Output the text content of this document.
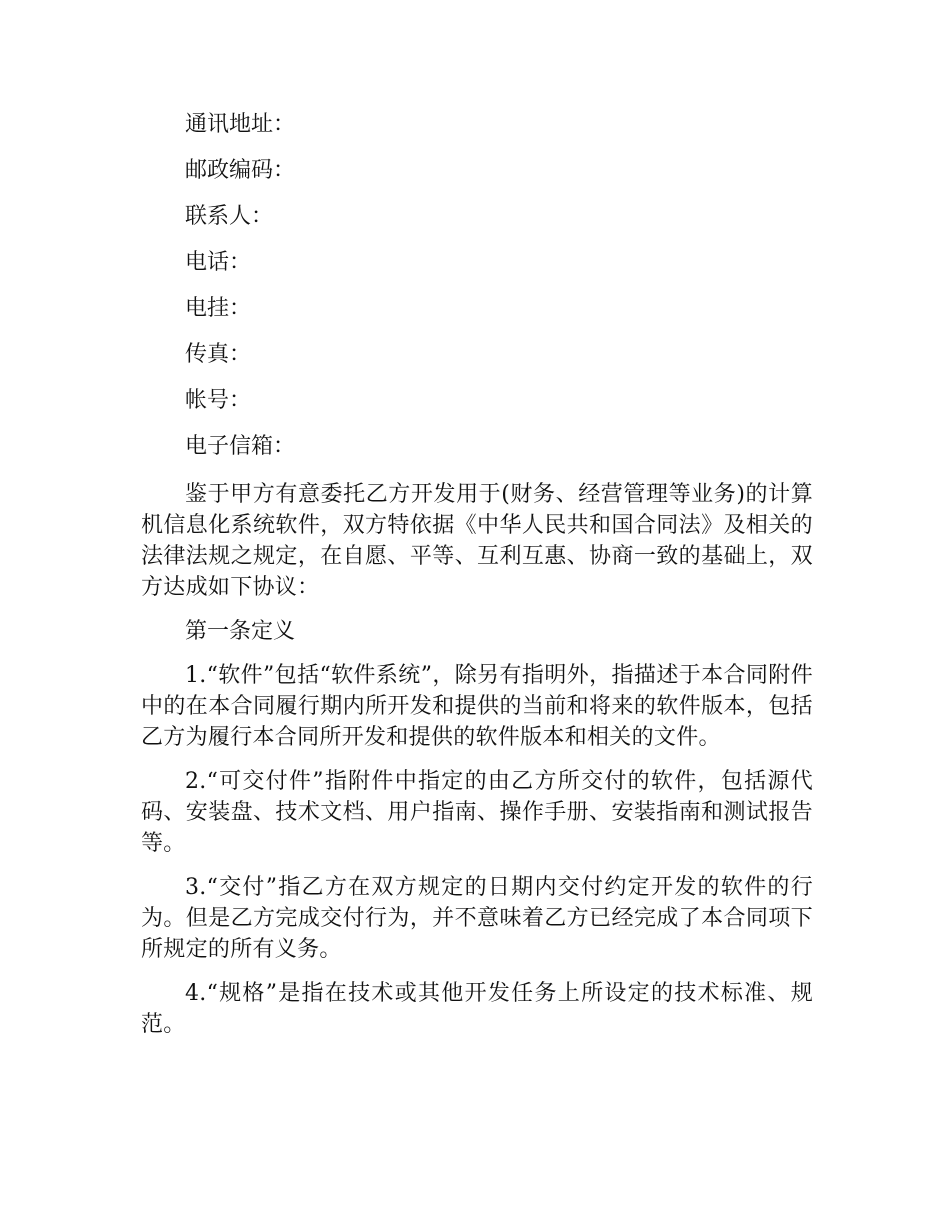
通讯地址：

邮政编码：

联系人：

电话：

电挂：

传真：

帐号：

电子信箱：

鉴于甲方有意委托乙方开发用于(财务、经营管理等业务)的计算机信息化系统软件，双方特依据《中华人民共和国合同法》及相关的法律法规之规定，在自愿、平等、互利互惠、协商一致的基础上，双方达成如下协议：

第一条定义

1.“软件”包括“软件系统”，除另有指明外，指描述于本合同附件中的在本合同履行期内所开发和提供的当前和将来的软件版本，包括乙方为履行本合同所开发和提供的软件版本和相关的文件。

2.“可交付件”指附件中指定的由乙方所交付的软件，包括源代码、安装盘、技术文档、用户指南、操作手册、安装指南和测试报告等。

3.“交付”指乙方在双方规定的日期内交付约定开发的软件的行为。但是乙方完成交付行为，并不意味着乙方已经完成了本合同项下所规定的所有义务。

4.“规格”是指在技术或其他开发任务上所设定的技术标准、规范。
